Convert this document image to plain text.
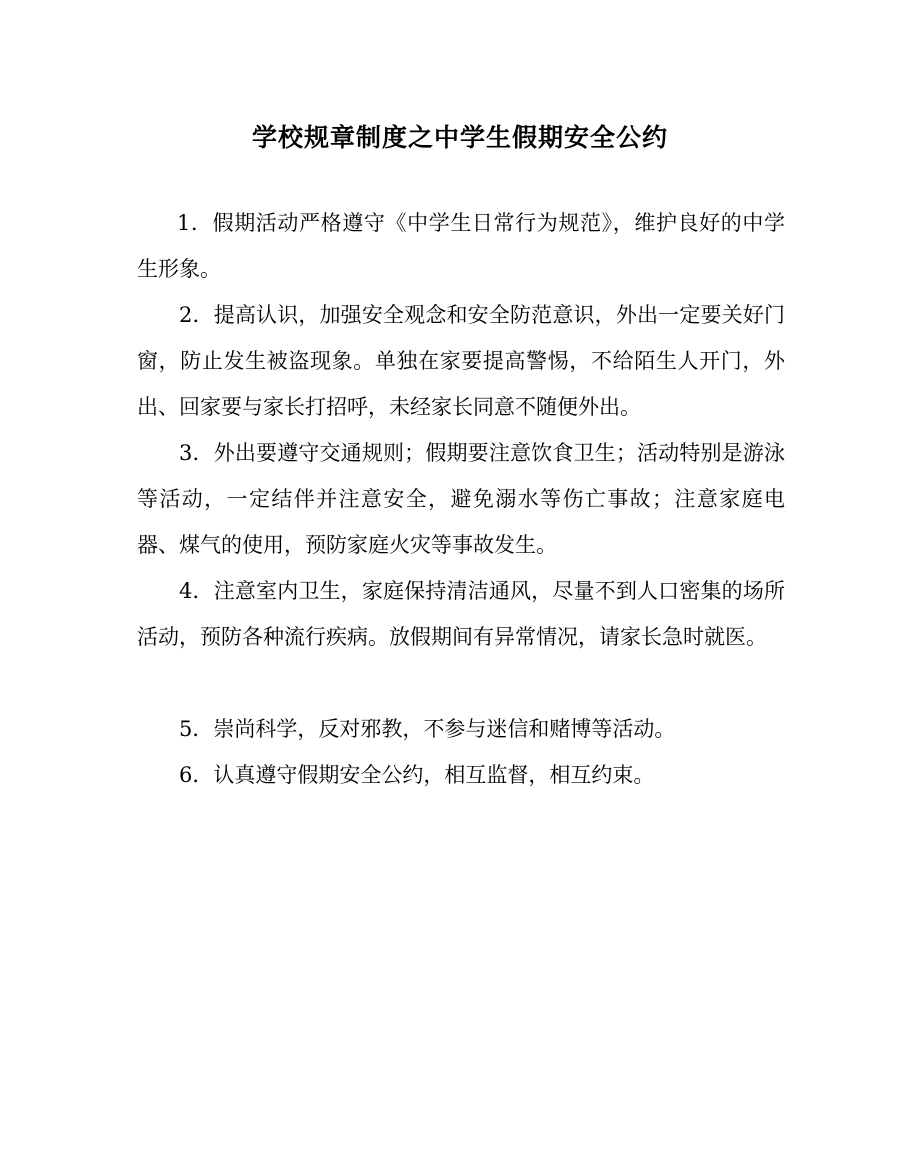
学校规章制度之中学生假期安全公约

1．假期活动严格遵守《中学生日常行为规范》，维护良好的中学生形象。

2．提高认识，加强安全观念和安全防范意识，外出一定要关好门窗，防止发生被盗现象。单独在家要提高警惕，不给陌生人开门，外出、回家要与家长打招呼，未经家长同意不随便外出。

3．外出要遵守交通规则；假期要注意饮食卫生；活动特别是游泳等活动，一定结伴并注意安全，避免溺水等伤亡事故；注意家庭电器、煤气的使用，预防家庭火灾等事故发生。

4．注意室内卫生，家庭保持清洁通风，尽量不到人口密集的场所活动，预防各种流行疾病。放假期间有异常情况，请家长急时就医。

5．崇尚科学，反对邪教，不参与迷信和赌博等活动。

6．认真遵守假期安全公约，相互监督，相互约束。
